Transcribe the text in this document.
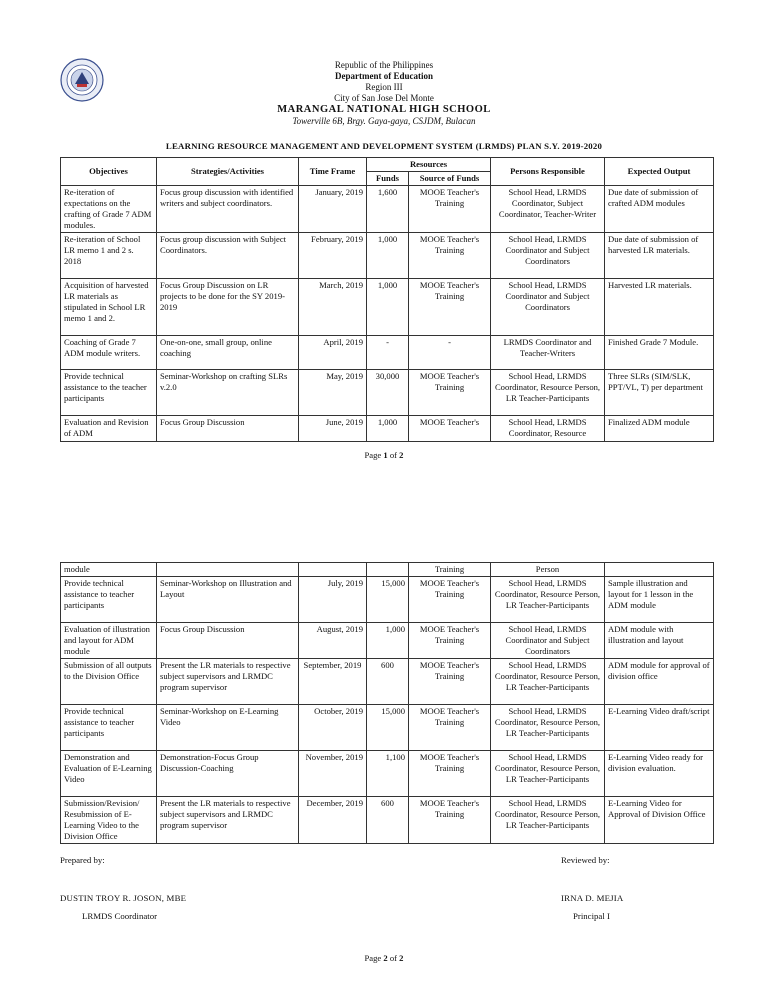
Republic of the Philippines
Department of Education
Region III
City of San Jose Del Monte
MARANGAL NATIONAL HIGH SCHOOL
Towerville 6B, Brgy. Gaya-gaya, CSJDM, Bulacan
LEARNING RESOURCE MANAGEMENT AND DEVELOPMENT SYSTEM (LRMDS) PLAN S.Y. 2019-2020
Objectives	Strategies/Activities	Time Frame	Resources		Persons Responsible	Expected Output
			Funds	Source of Funds		
Re-iteration of expectations on the crafting of Grade 7 ADM modules.	Focus group discussion with identified writers and subject coordinators.	January, 2019	1,600	MOOE Teacher's Training	School Head, LRMDS Coordinator, Subject Coordinator, Teacher-Writer	Due date of submission of crafted ADM modules
Re-iteration of School LR memo 1 and 2 s. 2018	Focus group discussion with Subject Coordinators.	February, 2019	1,000	MOOE Teacher's Training	School Head, LRMDS Coordinator and Subject Coordinators	Due date of submission of harvested LR materials.
Acquisition of harvested LR materials as stipulated in School LR memo 1 and 2.	Focus Group Discussion on LR projects to be done for the SY 2019-2019	March, 2019	1,000	MOOE Teacher's Training	School Head, LRMDS Coordinator and Subject Coordinators	Harvested LR materials.
Coaching of Grade 7 ADM module writers.	One-on-one, small group, online coaching	April, 2019	-	-	LRMDS Coordinator and Teacher-Writers	Finished Grade 7 Module.
Provide technical assistance to the teacher participants	Seminar-Workshop on crafting SLRs v.2.0	May, 2019	30,000	MOOE Teacher's Training	School Head, LRMDS Coordinator, Resource Person, LR Teacher-Participants	Three SLRs (SIM/SLK, PPT/VL, T) per department
Evaluation and Revision of ADM	Focus Group Discussion	June, 2019	1,000	MOOE Teacher's	School Head, LRMDS Coordinator, Resource	Finalized ADM module
Page 1 of 2
module				Training	Person	
Provide technical assistance to teacher participants	Seminar-Workshop on Illustration and Layout	July, 2019	15,000	MOOE Teacher's Training	School Head, LRMDS Coordinator, Resource Person, LR Teacher-Participants	Sample illustration and layout for 1 lesson in the ADM module
Evaluation of illustration and layout for ADM module	Focus Group Discussion	August, 2019	1,000	MOOE Teacher's Training	School Head, LRMDS Coordinator and Subject Coordinators	ADM module with illustration and layout
Submission of all outputs to the Division Office	Present the LR materials to respective subject supervisors and LRMDC program supervisor	September, 2019	600	MOOE Teacher's Training	School Head, LRMDS Coordinator, Resource Person, LR Teacher-Participants	ADM module for approval of division office
Provide technical assistance to teacher participants	Seminar-Workshop on E-Learning Video	October, 2019	15,000	MOOE Teacher's Training	School Head, LRMDS Coordinator, Resource Person, LR Teacher-Participants	E-Learning Video draft/script
Demonstration and Evaluation of E-Learning Video	Demonstration-Focus Group Discussion-Coaching	November, 2019	1,100	MOOE Teacher's Training	School Head, LRMDS Coordinator, Resource Person, LR Teacher-Participants	E-Learning Video ready for division evaluation.
Submission/Revision/ Resubmission of E-Learning Video to the Division Office	Present the LR materials to respective subject supervisors and LRMDC program supervisor	December, 2019	600	MOOE Teacher's Training	School Head, LRMDS Coordinator, Resource Person, LR Teacher-Participants	E-Learning Video for Approval of Division Office
Prepared by:	Reviewed by:
DUSTIN TROY R. JOSON, MBE	IRNA D. MEJIA
LRMDS Coordinator	Principal I
Page 2 of 2
